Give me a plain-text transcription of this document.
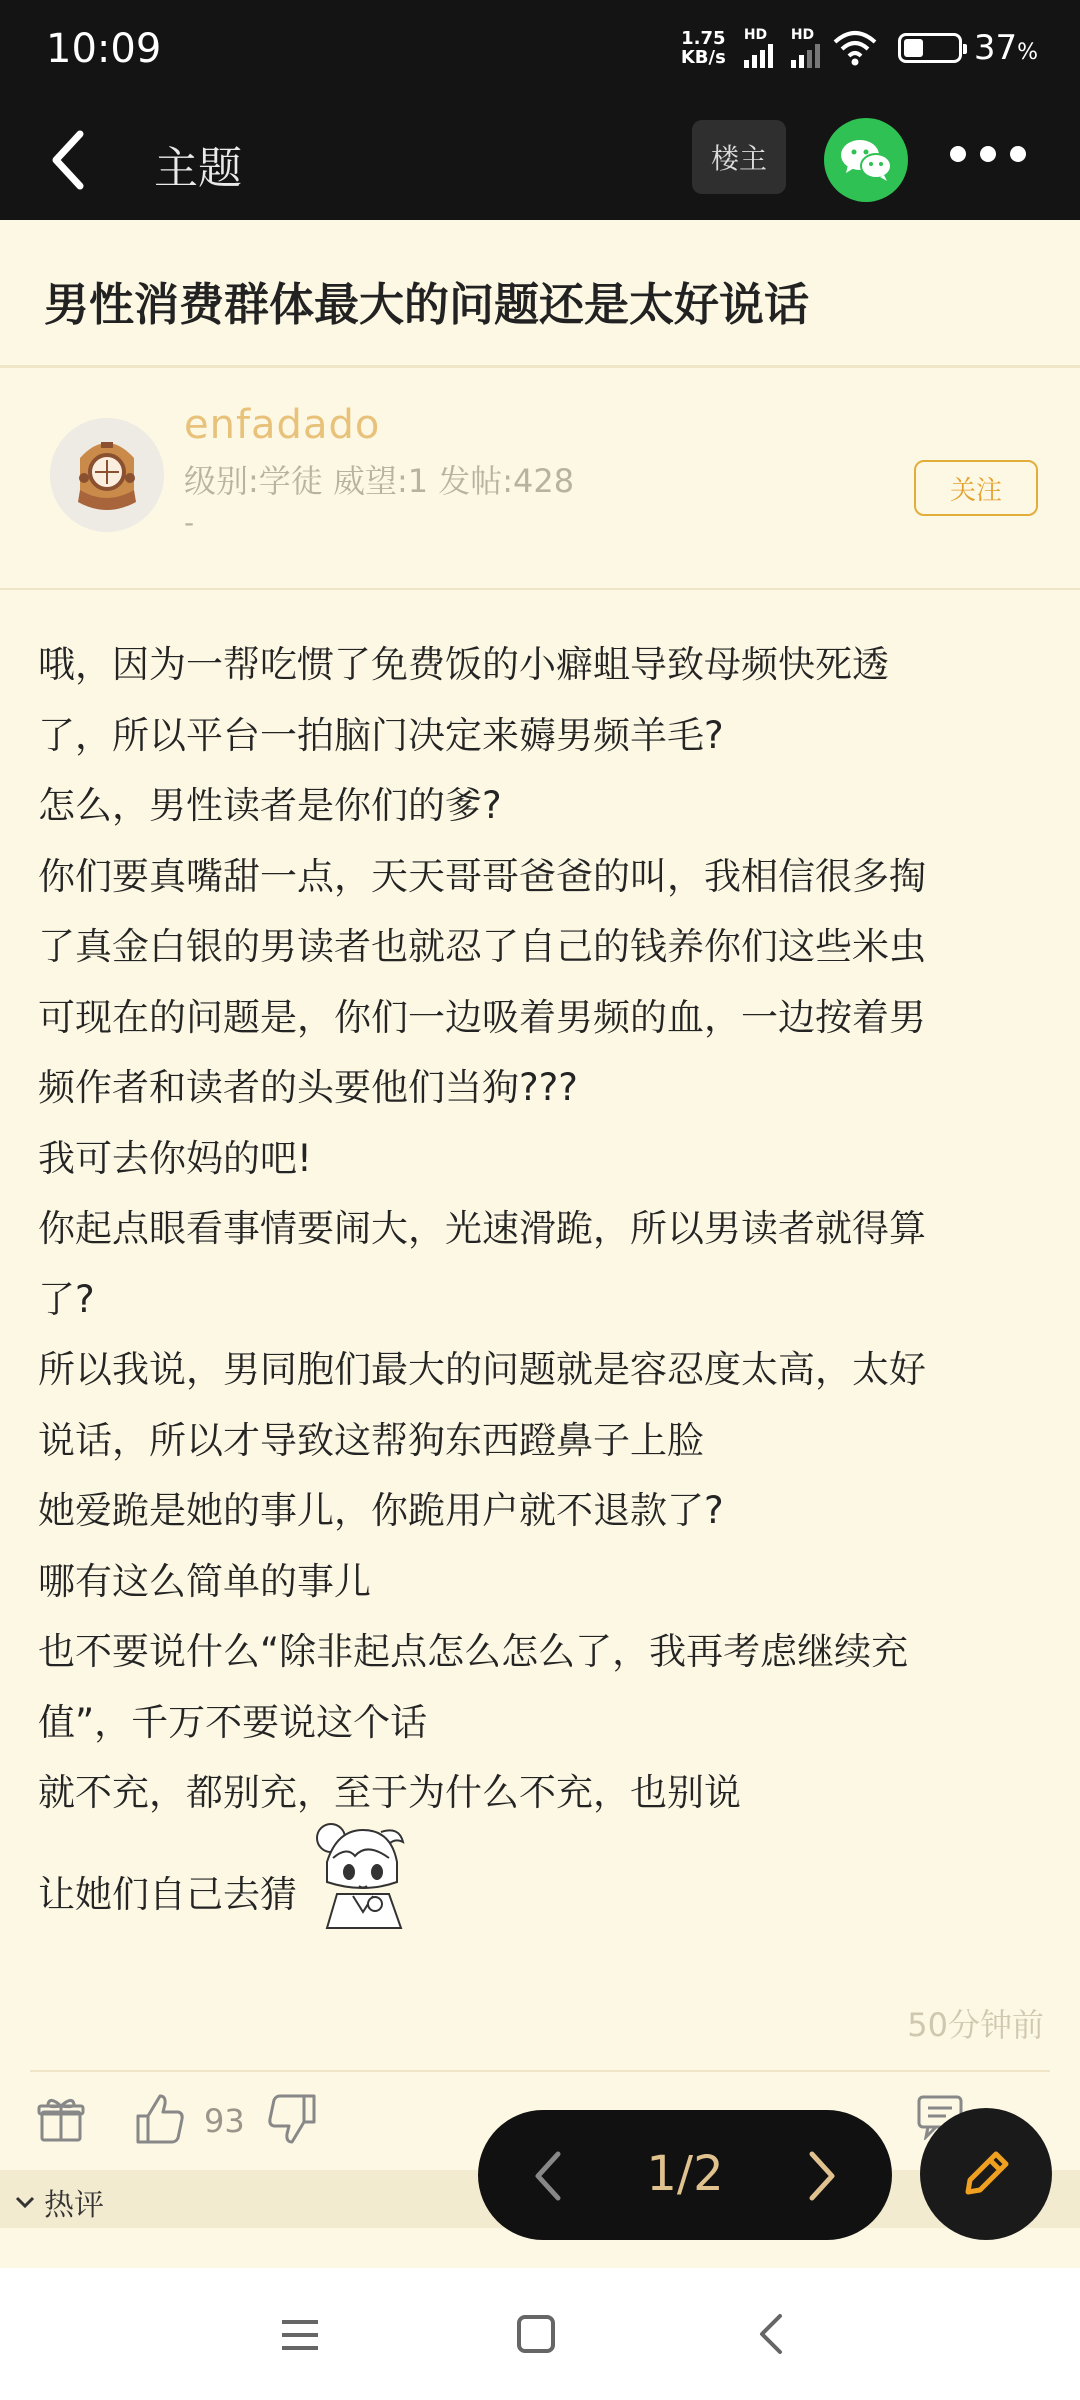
10:09	1.75
KB/s
HD HD	37%
主题	楼主
男性消费群体最大的问题还是太好说话
enfadado
级别:学徒 威望:1 发帖:428
-
关注

哦，因为一帮吃惯了免费饭的小癖蛆导致母频快死透

了，所以平台一拍脑门决定来薅男频羊毛?

怎么，男性读者是你们的爹?

你们要真嘴甜一点，天天哥哥爸爸的叫，我相信很多掏

了真金白银的男读者也就忍了自己的钱养你们这些米虫

可现在的问题是，你们一边吸着男频的血，一边按着男

频作者和读者的头要他们当狗???

我可去你妈的吧!

你起点眼看事情要闹大，光速滑跪，所以男读者就得算

了?

所以我说，男同胞们最大的问题就是容忍度太高，太好

说话，所以才导致这帮狗东西蹬鼻子上脸

她爱跪是她的事儿，你跪用户就不退款了?

哪有这么简单的事儿

也不要说什么“除非起点怎么怎么了，我再考虑继续充

值”，千万不要说这个话

就不充，都别充，至于为什么不充，也别说

让她们自己去猜
50分钟前
93
热评
1/2
